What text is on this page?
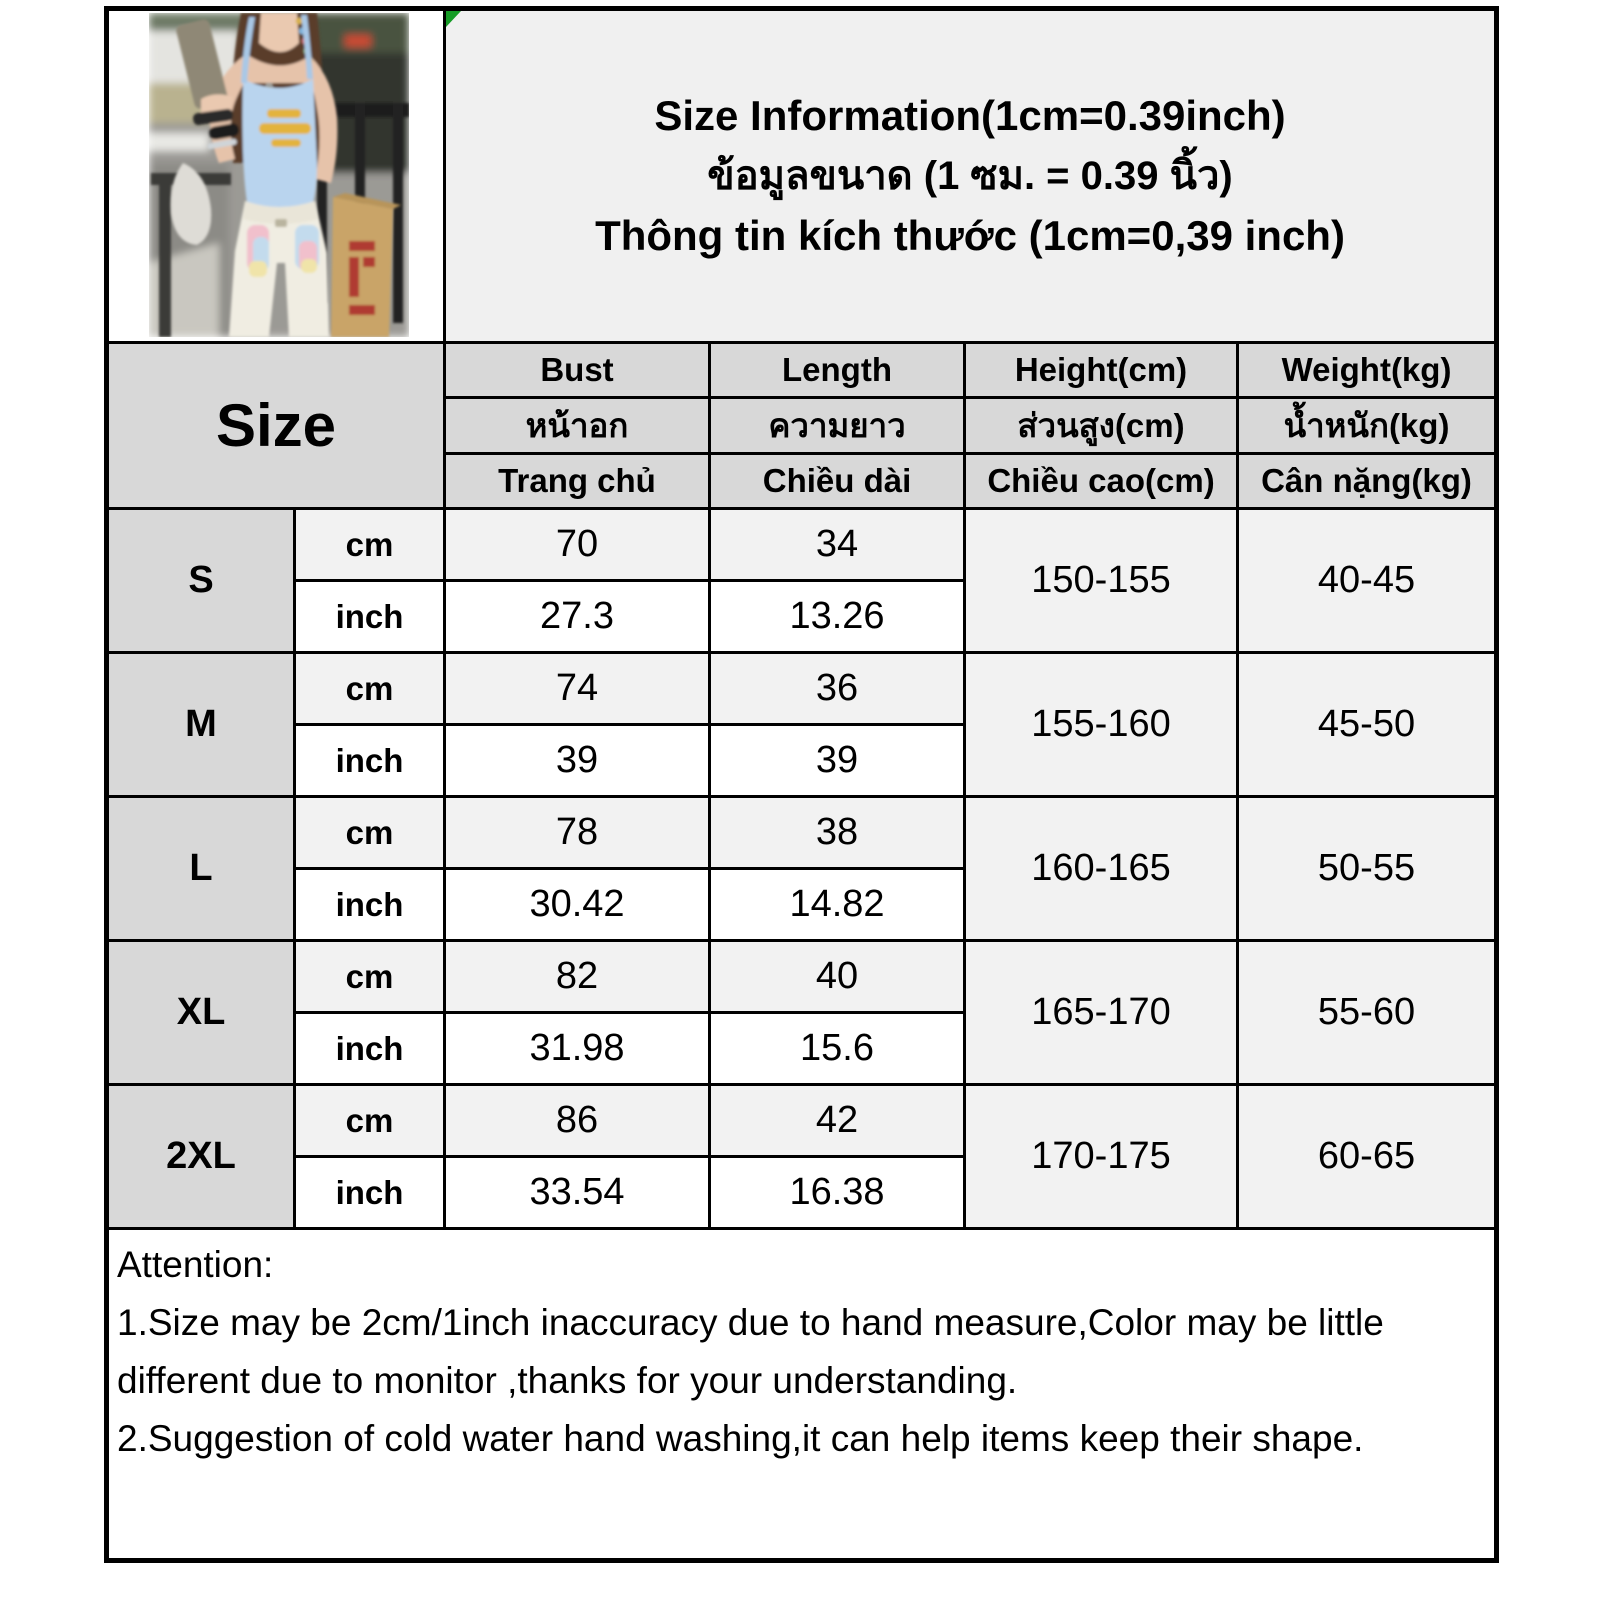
Size Information(1cm=0.39inch)
ข้อมูลขนาด (1 ซม. = 0.39 นิ้ว)
Thông tin kích thước (1cm=0,39 inch)			

Size		Bust	Length	Height(cm)	Weight(kg)
		หน้าอก	ความยาว	ส่วนสูง(cm)	น้ำหนัก(kg)
		Trang chủ	Chiều dài	Chiều cao(cm)	Cân nặng(kg)
S	cm	70	34	150-155	40-45
	inch	27.3	13.26		
M	cm	74	36	155-160	45-50
	inch	39	39		
L	cm	78	38	160-165	50-55
	inch	30.42	14.82		
XL	cm	82	40	165-170	55-60
	inch	31.98	15.6		
2XL	cm	86	42	170-175	60-65
	inch	33.54	16.38		

Attention:
1.Size may be 2cm/1inch inaccuracy due to hand measure,Color may be little different due to monitor ,thanks for your understanding.
2.Suggestion of cold water hand washing,it can help items keep their shape.					
